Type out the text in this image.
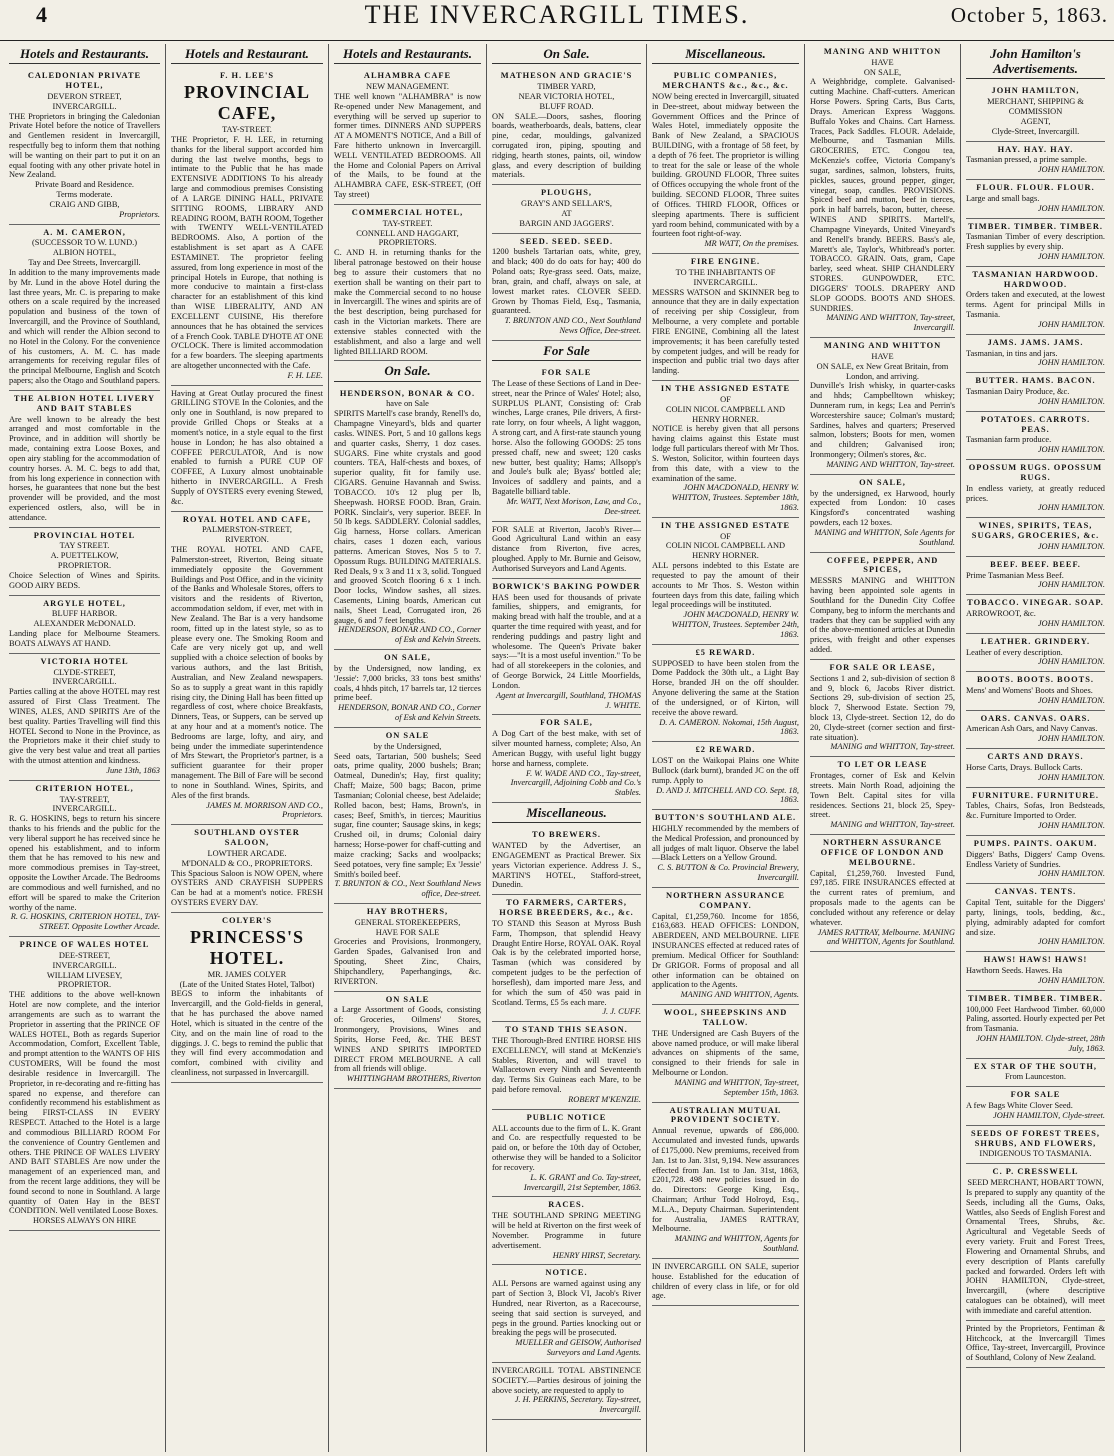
4	THE INVERCARGILL TIMES.	October 5, 1863.
Hotels and Restaurants.
CALEDONIAN PRIVATE HOTEL,
DEVERON STREET,
INVERCARGILL.
THE Proprietors in bringing the Caledonian Private Hotel before the notice of Travellers and Gentlemen resident in Invercargill, respectfully beg to inform them that nothing will be wanting on their part to put it on an equal footing with any other private hotel in New Zealand.
Private Board and Residence.
Terms moderate.
CRAIG AND GIBB,
Proprietors.
A. M. CAMERON,
(SUCCESSOR TO W. LUND.)
ALBION HOTEL,
Tay and Dee Streets, Invercargill.
In addition to the many improvements made by Mr. Lund in the above Hotel during the last three years, Mr. C. is preparing to make others on a scale required by the increased population and business of the town of Invercargill, and the Province of Southland, and which will render the Albion second to no Hotel in the Colony. For the convenience of his customers, A. M. C. has made arrangements for receiving regular files of the principal Melbourne, English and Scotch papers; also the Otago and Southland papers.
THE ALBION HOTEL LIVERY AND BAIT STABLES
Are well known to be already the best arranged and most comfortable in the Province, and in addition will shortly be made, containing extra Loose Boxes, and open airy stabling for the accommodation of country horses. A. M. C. begs to add that, from his long experience in connection with horses, he guarantees that none but the best provender will be provided, and the most experienced ostlers, also, will be in attendance.
PROVINCIAL HOTEL
TAY STREET.
A. PUETTELKOW,
PROPRIETOR.
Choice Selection of Wines and Spirits. GOOD AIRY BEDS.
ARGYLE HOTEL,
BLUFF HARBOR.
ALEXANDER McDONALD.
Landing place for Melbourne Steamers. BOATS ALWAYS AT HAND.
VICTORIA HOTEL
CLYDE-STREET,
INVERCARGILL.
Parties calling at the above HOTEL may rest assured of First Class Treatment. The WINES, ALES, AND SPIRITS Are of the best quality. Parties Travelling will find this HOTEL Second to None in the Province, as the Proprietors make it their chief study to give the very best value and treat all parties with the utmost attention and kindness.
June 13th, 1863
CRITERION HOTEL,
TAY-STREET,
INVERCARGILL.
R. G. HOSKINS, begs to return his sincere thanks to his friends and the public for the very liberal support he has received since he opened his establishment, and to inform them that he has removed to his new and more commodious premises in Tay-street, opposite the Lowther Arcade. The Bedrooms are commodious and well furnished, and no effort will be spared to make the Criterion worthy of the name.
R. G. HOSKINS, CRITERION HOTEL, TAY-STREET. Opposite Lowther Arcade.
PRINCE OF WALES HOTEL
DEE-STREET,
INVERCARGILL.
WILLIAM LIVESEY,
PROPRIETOR.
THE additions to the above well-known Hotel are now complete, and the interior arrangements are such as to warrant the Proprietor in asserting that the PRINCE OF WALES HOTEL, Both as regards Superior Accommodation, Comfort, Excellent Table, and prompt attention to the WANTS OF HIS CUSTOMERS, Will be found the most desirable residence in Invercargill. The Proprietor, in re-decorating and re-fitting has spared no expense, and therefore can confidently recommend his establishment as being FIRST-CLASS IN EVERY RESPECT. Attached to the Hotel is a large and commodious BILLIARD ROOM For the convenience of Country Gentlemen and others. THE PRINCE OF WALES LIVERY AND BAIT STABLES Are now under the management of an experienced man, and from the recent large additions, they will be found second to none in Southland. A large quantity of Oaten Hay in the BEST CONDITION. Well ventilated Loose Boxes.
HORSES ALWAYS ON HIRE
Hotels and Restaurant.
F. H. LEE'S
PROVINCIAL CAFE,
TAY-STREET.
THE Proprietor, F. H. LEE, in returning thanks for the liberal support accorded him during the last twelve months, begs to intimate to the Public that he has made EXTENSIVE ADDITIONS To his already large and commodious premises Consisting of A LARGE DINING HALL, PRIVATE SITTING ROOMS, LIBRARY AND READING ROOM, BATH ROOM, Together with TWENTY WELL-VENTILATED BEDROOMS. Also, A portion of the establishment is set apart as A CAFE ESTAMINET. The proprietor feeling assured, from long experience in most of the principal Hotels in Europe, that nothing is more conducive to maintain a first-class character for an establishment of this kind than WISE LIBERALITY, AND AN EXCELLENT CUISINE, His therefore announces that he has obtained the services of a French Cook. TABLE D'HOTE AT ONE O'CLOCK. There is limited accommodation for a few boarders. The sleeping apartments are altogether unconnected with the Cafe.
F. H. LEE.
Having at Great Outlay procured the finest GRILLING STOVE In the Colonies, and the only one in Southland, is now prepared to provide Grilled Chops or Steaks at a moment's notice, in a style equal to the first house in London; he has also obtained a COFFEE PERCULATOR, And is now enabled to furnish a PURE CUP OF COFFEE, A Luxury almost unobtainable hitherto in INVERCARGILL. A Fresh Supply of OYSTERS every evening Stewed, &c.
ROYAL HOTEL AND CAFE,
PALMERSTON-STREET,
RIVERTON.
THE ROYAL HOTEL AND CAFE, Palmerston-street, Riverton, Being situate immediately opposite the Government Buildings and Post Office, and in the vicinity of the Banks and Wholesale Stores, offers to visitors and the residents of Riverton, accommodation seldom, if ever, met with in New Zealand. The Bar is a very handsome room, fitted up in the latest style, so as to please every one. The Smoking Room and Cafe are very nicely got up, and well supplied with a choice selection of books by various authors, and the last British, Australian, and New Zealand newspapers. So as to supply a great want in this rapidly rising city, the Dining Hall has been fitted up regardless of cost, where choice Breakfasts, Dinners, Teas, or Suppers, can be served up at any hour and at a moment's notice. The Bedrooms are large, lofty, and airy, and being under the immediate superintendence of Mrs Stewart, the Proprietor's partner, is a sufficient guarantee for their proper management. The Bill of Fare will be second to none in Southland. Wines, Spirits, and Ales of the first brands.
JAMES M. MORRISON AND CO., Proprietors.
SOUTHLAND OYSTER SALOON,
LOWTHER ARCADE.
M'DONALD & CO., PROPRIETORS.
This Spacious Saloon is NOW OPEN, where OYSTERS AND CRAYFISH SUPPERS Can be had at a moment's notice. FRESH OYSTERS EVERY DAY.
COLYER'S
PRINCESS'S HOTEL.
MR. JAMES COLYER
(Late of the United States Hotel, Talbot)
BEGS to inform the inhabitants of Invercargill, and the Gold-fields in general, that he has purchased the above named Hotel, which is situated in the centre of the City, and on the main line of road to the diggings. J. C. begs to remind the public that they will find every accommodation and comfort, combined with civility and cleanliness, not surpassed in Invercargill.
Hotels and Restaurants.
ALHAMBRA CAFE
NEW MANAGEMENT.
THE well known "ALHAMBRA" is now Re-opened under New Management, and everything will be served up superior to former times. DINNERS AND SUPPERS AT A MOMENT'S NOTICE, And a Bill of Fare hitherto unknown in Invercargill. WELL VENTILATED BEDROOMS. All the Home and Colonial Papers on Arrival of the Mails, to be found at the ALHAMBRA CAFE, ESK-STREET, (Off Tay street)
COMMERCIAL HOTEL,
TAY-STREET.
CONNELL AND HAGGART,
PROPRIETORS.
C. AND H. in returning thanks for the liberal patronage bestowed on their house beg to assure their customers that no exertion shall be wanting on their part to make the Commercial second to no house in Invercargill. The wines and spirits are of the best description, being purchased for cash in the Victorian markets. There are extensive stables connected with the establishment, and also a large and well lighted BILLIARD ROOM.
On Sale.
HENDERSON, BONAR & CO.
have on Sale
SPIRITS Martell's case brandy, Renell's do, Champagne Vineyard's, blds and quarter casks. WINES. Port, 5 and 10 gallons kegs and quarter casks, Sherry, 1 doz cases. SUGARS. Fine white crystals and good counters. TEA, Half-chests and boxes, of superior quality, fit for family use. CIGARS. Genuine Havannah and Swiss. TOBACCO. 10's 12 plug per lb, Sheepwash. HORSE FOOD. Bran, Grain. PORK. Sinclair's, very superior. BEEF. In 50 lb kegs. SADDLERY. Colonial saddles, Gig harness, Horse collars. American chairs, cases 1 dozen each, various patterns. American Stoves, Nos 5 to 7. Opossum Rugs. BUILDING MATERIALS. Red Deals, 9 x 3 and 11 x 3, solid. Tongued and grooved Scotch flooring 6 x 1 inch. Door locks, Window sashes, all sizes. Casements, Lining boards, American cut nails, Sheet Lead, Corrugated iron, 26 gauge, 6 and 7 feet lengths.
HENDERSON, BONAR AND CO., Corner of Esk and Kelvin Streets.
ON SALE,
by the Undersigned, now landing, ex 'Jessie': 7,000 bricks, 33 tons best smiths' coals, 4 hhds pitch, 17 barrels tar, 12 tierces prime beef.
HENDERSON, BONAR AND CO., Corner of Esk and Kelvin Streets.
ON SALE
by the Undersigned,
Seed oats, Tartarian, 500 bushels; Seed oats, prime quality, 2000 bushels; Bran; Oatmeal, Dunedin's; Hay, first quality; Chaff; Maize, 500 bags; Bacon, prime Tasmanian; Colonial cheese, best Adelaide; Rolled bacon, best; Hams, Brown's, in cases; Beef, Smith's, in tierces; Mauritius sugar, fine counter; Sausage skins, in kegs; Crushed oil, in drums; Colonial dairy harness; Horse-power for chaff-cutting and maize cracking; Sacks and woolpacks; Seed potatoes, very fine sample; Ex 'Jessie' Smith's boiled beef.
T. BRUNTON & CO., Next Southland News office, Dee-street.
HAY BROTHERS,
GENERAL STOREKEEPERS,
HAVE FOR SALE
Groceries and Provisions, Ironmongery, Garden Spades, Galvanised Iron and Spouting, Sheet Zinc, Chairs, Shipchandlery, Paperhangings, &c. RIVERTON.
ON SALE
a Large Assortment of Goods, consisting of: Groceries, Oilmens' Stores, Ironmongery, Provisions, Wines and Spirits, Horse Feed, &c. THE BEST WINES AND SPIRITS IMPORTED DIRECT FROM MELBOURNE. A call from all friends will oblige.
WHITTINGHAM BROTHERS, Riverton
On Sale.
MATHESON AND GRACIE'S
TIMBER YARD,
NEAR VICTORIA HOTEL,
BLUFF ROAD.
ON SALE.—Doors, sashes, flooring boards, weatherboards, deals, battens, clear pine, cedar, mouldings, galvanized corrugated iron, piping, spouting and ridging, hearth stones, paints, oil, window glass, and every description of building materials.
PLOUGHS,
GRAY'S AND SELLAR'S,
AT
BARGIN AND JAGGERS'.
SEED. SEED. SEED.
1200 bushels Tartarian oats, white, grey, and black; 400 do do oats for hay; 400 do Poland oats; Rye-grass seed. Oats, maize, bran, grain, and chaff, always on sale, at lowest market rates. CLOVER SEED. Grown by Thomas Field, Esq., Tasmania, guaranteed.
T. BRUNTON AND CO., Next Southland News Office, Dee-street.
For Sale
FOR SALE
The Lease of these Sections of Land in Dee-street, near the Prince of Wales' Hotel; also, SURPLUS PLANT, Consisting of: Crab winches, Large cranes, Pile drivers, A first-rate lorry, on four wheels, A light waggon, A strong cart, and A first-rate staunch young horse. Also the following GOODS: 25 tons pressed chaff, new and sweet; 120 casks new butter, best quality; Hams; Allsopp's and Joule's bulk ale; Byass' bottled ale; Invoices of saddlery and paints, and a Bagatelle billiard table.
Mr. WATT, Next Morison, Law, and Co., Dee-street.
FOR SALE at Riverton, Jacob's River—Good Agricultural Land within an easy distance from Riverton, five acres, ploughed. Apply to Mr. Burnie and Geisow, Authorised Surveyors and Land Agents.
BORWICK'S BAKING POWDER
HAS been used for thousands of private families, shippers, and emigrants, for making bread with half the trouble, and at a quarter the time required with yeast, and for rendering puddings and pastry light and wholesome. The Queen's Private baker says:—"It is a most useful invention." To be had of all storekeepers in the colonies, and of George Borwick, 24 Little Moorfields, London.
Agent at Invercargill, Southland, THOMAS J. WHITE.
FOR SALE,
A Dog Cart of the best make, with set of silver mounted harness, complete; Also, An American Buggy, with useful light buggy horse and harness, complete.
F. W. WADE AND CO., Tay-street, Invercargill, Adjoining Cobb and Co.'s Stables.
Miscellaneous.
TO BREWERS.
WANTED by the Advertiser, an ENGAGEMENT as Practical Brewer. Six years Victorian experience. Address J. S., MARTIN'S HOTEL, Stafford-street, Dunedin.
TO FARMERS, CARTERS, HORSE BREEDERS, &c., &c.
TO STAND this Season at Myross Bush Farm, Thompson, that splendid Heavy Draught Entire Horse, ROYAL OAK. Royal Oak is by the celebrated imported horse, Tasman (which was considered by competent judges to be the perfection of horseflesh), dam imported mare Jess, and for which the sum of 450 was paid in Scotland. Terms, £5 5s each mare.
J. J. CUFF.
TO STAND THIS SEASON.
THE Thorough-Bred ENTIRE HORSE HIS EXCELLENCY, will stand at McKenzie's Stables, Riverton, and will travel to Wallacetown every Ninth and Seventeenth day. Terms Six Guineas each Mare, to be paid before removal.
ROBERT M'KENZIE.
PUBLIC NOTICE
ALL accounts due to the firm of L. K. Grant and Co. are respectfully requested to be paid on, or before the 10th day of October, otherwise they will be handed to a Solicitor for recovery.
L. K. GRANT and Co. Tay-street, Invercargill, 21st September, 1863.
RACES.
THE SOUTHLAND SPRING MEETING will be held at Riverton on the first week of November. Programme in future advertisement.
HENRY HIRST, Secretary.
NOTICE.
ALL Persons are warned against using any part of Section 3, Block VI, Jacob's River Hundred, near Riverton, as a Racecourse, seeing that said section is surveyed, and pegs in the ground. Parties knocking out or breaking the pegs will be prosecuted.
MUELLER and GEISOW, Authorised Surveyors and Land Agents.
INVERCARGILL TOTAL ABSTINENCE SOCIETY.—Parties desirous of joining the above society, are requested to apply to
J. H. PERKINS, Secretary. Tay-street, Invercargill.
Miscellaneous.
PUBLIC COMPANIES, MERCHANTS &c., &c., &c.
NOW being erected in Invercargill, situated in Dee-street, about midway between the Government Offices and the Prince of Wales Hotel, immediately opposite the Bank of New Zealand, a SPACIOUS BUILDING, with a frontage of 58 feet, by a depth of 76 feet. The proprietor is willing to treat for the sale or lease of the whole building. GROUND FLOOR, Three suites of Offices occupying the whole front of the building. SECOND FLOOR, Three suites of Offices. THIRD FLOOR, Offices or sleeping apartments. There is sufficient yard room behind, communicated with by a fourteen foot right-of-way.
MR WATT, On the premises.
FIRE ENGINE.
TO THE INHABITANTS OF INVERCARGILL.
MESSRS WATSON and SKINNER beg to announce that they are in daily expectation of receiving per ship Cossigleur, from Melbourne, a very complete and portable FIRE ENGINE, Combining all the latest improvements; it has been carefully tested by competent judges, and will be ready for inspection and public trial two days after landing.
IN THE ASSIGNED ESTATE
OF
COLIN NICOL CAMPBELL AND
HENRY HORNER.
NOTICE is hereby given that all persons having claims against this Estate must lodge full particulars thereof with Mr Thos. S. Weston, Solicitor, within fourteen days from this date, with a view to the examination of the same.
JOHN MACDONALD, HENRY W. WHITTON, Trustees. September 18th, 1863.
IN THE ASSIGNED ESTATE
OF
COLIN NICOL CAMPBELL AND
HENRY HORNER.
ALL persons indebted to this Estate are requested to pay the amount of their accounts to Mr Thos. S. Weston within fourteen days from this date, failing which legal proceedings will be instituted.
JOHN MACDONALD, HENRY W. WHITTON, Trustees. September 24th, 1863.
£5 REWARD.
SUPPOSED to have been stolen from the Dome Paddock the 30th ult., a Light Bay Horse, branded JH on the off shoulder. Anyone delivering the same at the Station of the undersigned, or of Kirton, will receive the above reward.
D. A. CAMERON. Nokomai, 15th August, 1863.
£2 REWARD.
LOST on the Waikopai Plains one White Bullock (dark burnt), branded JC on the off rump. Apply to
D. AND J. MITCHELL AND CO. Sept. 18, 1863.
BUTTON'S SOUTHLAND ALE.
HIGHLY recommended by the members of the Medical Profession, and pronounced by all judges of malt liquor. Observe the label—Black Letters on a Yellow Ground.
C. S. BUTTON & Co. Provincial Brewery, Invercargill.
NORTHERN ASSURANCE COMPANY.
Capital, £1,259,760. Income for 1856, £163,683. HEAD OFFICES: LONDON, ABERDEEN, AND MELBOURNE. LIFE INSURANCES effected at reduced rates of premium. Medical Officer for Southland: Dr GRIGOR. Forms of proposal and all other information can be obtained on application to the Agents.
MANING AND WHITTON, Agents.
WOOL, SHEEPSKINS AND TALLOW.
THE Undersigned are Cash Buyers of the above named produce, or will make liberal advances on shipments of the same, consigned to their friends for sale in Melbourne or London.
MANING and WHITTON, Tay-street, September 15th, 1863.
AUSTRALIAN MUTUAL PROVIDENT SOCIETY.
Annual revenue, upwards of £86,000. Accumulated and invested funds, upwards of £175,000. New premiums, received from Jan. 1st to Jan. 31st, 9,194. New assurances effected from Jan. 1st to Jan. 31st, 1863, £201,728. 498 new policies issued in do do. Directors: George King, Esq., Chairman; Arthur Todd Holroyd, Esq., M.L.A., Deputy Chairman. Superintendent for Australia, JAMES RATTRAY, Melbourne.
MANING and WHITTON, Agents for Southland.
IN INVERCARGILL ON SALE, superior house. Established for the education of children of every class in life, or for old age.
MANING AND WHITTON
HAVE
ON SALE,
A Weighbridge, complete. Galvanised-cutting Machine. Chaff-cutters. American Horse Powers. Spring Carts, Bus Carts, Drays. American Express Waggons. Buffalo Yokes and Chains. Cart Harness. Traces, Pack Saddles. FLOUR. Adelaide, Melbourne, and Tasmanian Mills. GROCERIES, ETC. Congou tea, McKenzie's coffee, Victoria Company's sugar, sardines, salmon, lobsters, fruits, pickles, sauces, ground pepper, ginger, vinegar, soap, candles. PROVISIONS. Spiced beef and mutton, beef in tierces, pork in half barrels, bacon, butter, cheese. WINES AND SPIRITS. Martell's, Champagne Vineyards, United Vineyard's and Renell's brandy. BEERS. Bass's ale, Marett's ale, Taylor's, Whitbread's porter. TOBACCO. GRAIN. Oats, gram, Cape barley, seed wheat. SHIP CHANDLERY STORES. GUNPOWDER, ETC. DIGGERS' TOOLS. DRAPERY AND SLOP GOODS. BOOTS AND SHOES. SUNDRIES.
MANING AND WHITTON, Tay-street, Invercargill.
MANING AND WHITTON
HAVE
ON SALE, ex New Great Britain, from London, and arriving.
Dunville's Irish whisky, in quarter-casks and hhds; Campbelltown whiskey; Dunneram rum, in kegs; Lea and Perrin's Worcestershire sauce; Colman's mustard; Sardines, halves and quarters; Preserved salmon, lobsters; Boots for men, women and children; Galvanised iron; Ironmongery; Oilmen's stores, &c.
MANING AND WHITTON, Tay-street.
ON SALE,
by the undersigned, ex Harwood, hourly expected from London: 10 cases Kingsford's concentrated washing powders, each 12 boxes.
MANING and WHITTON, Sole Agents for Southland.
COFFEE, PEPPER, AND SPICES,
MESSRS MANING and WHITTON having been appointed sole agents in Southland for the Dunedin City Coffee Company, beg to inform the merchants and traders that they can be supplied with any of the above-mentioned articles at Dunedin prices, with freight and other expenses added.
FOR SALE OR LEASE,
Sections 1 and 2, sub-division of section 8 and 9, block 6, Jacobs River district. Sections 29, sub-division of section 25, block 7, Sherwood Estate. Section 79, block 13, Clyde-street. Section 12, do do 20, Clyde-street (corner section and first-rate situation).
MANING and WHITTON, Tay-street.
TO LET OR LEASE
Frontages, corner of Esk and Kelvin streets. Main North Road, adjoining the Town Belt. Capital sites for villa residences. Sections 21, block 25, Spey-street.
MANING and WHITTON, Tay-street.
NORTHERN ASSURANCE OFFICE OF LONDON AND MELBOURNE.
Capital, £1,259,760. Invested Fund, £97,185. FIRE INSURANCES effected at the current rates of premium, and proposals made to the agents can be concluded without any reference or delay whatever.
JAMES RATTRAY, Melbourne. MANING and WHITTON, Agents for Southland.
John Hamilton's Advertisements.
JOHN HAMILTON,
MERCHANT, SHIPPING & COMMISSION
AGENT,
Clyde-Street, Invercargill.
HAY. HAY. HAY.
Tasmanian pressed, a prime sample.
JOHN HAMILTON.
FLOUR. FLOUR. FLOUR.
Large and small bags.
JOHN HAMILTON.
TIMBER. TIMBER. TIMBER.
Tasmanian Timber of every description. Fresh supplies by every ship.
JOHN HAMILTON.
TASMANIAN HARDWOOD. HARDWOOD.
Orders taken and executed, at the lowest terms. Agent for principal Mills in Tasmania.
JOHN HAMILTON.
JAMS. JAMS. JAMS.
Tasmanian, in tins and jars.
JOHN HAMILTON.
BUTTER. HAMS. BACON.
Tasmanian Dairy Produce, &c.
JOHN HAMILTON.
POTATOES. CARROTS. PEAS.
Tasmanian farm produce.
JOHN HAMILTON.
OPOSSUM RUGS. OPOSSUM RUGS.
In endless variety, at greatly reduced prices.
JOHN HAMILTON.
WINES, SPIRITS, TEAS, SUGARS, GROCERIES, &c.
JOHN HAMILTON.
BEEF. BEEF. BEEF.
Prime Tasmanian Mess Beef.
JOHN HAMILTON.
TOBACCO. VINEGAR. SOAP.
ARROWROOT, &c.
JOHN HAMILTON.
LEATHER. GRINDERY.
Leather of every description.
JOHN HAMILTON.
BOOTS. BOOTS. BOOTS.
Mens' and Womens' Boots and Shoes.
JOHN HAMILTON.
OARS. CANVAS. OARS.
American Ash Oars, and Navy Canvas.
JOHN HAMILTON.
CARTS AND DRAYS.
Horse Carts, Drays. Bullock Carts.
JOHN HAMILTON.
FURNITURE. FURNITURE.
Tables, Chairs, Sofas, Iron Bedsteads, &c. Furniture Imported to Order.
JOHN HAMILTON.
PUMPS. PAINTS. OAKUM.
Diggers' Baths, Diggers' Camp Ovens. Endless Variety of Sundries.
JOHN HAMILTON.
CANVAS. TENTS.
Capital Tent, suitable for the Diggers' party, linings, tools, bedding, &c., plying, admirably adapted for comfort and size.
JOHN HAMILTON.
HAWS! HAWS! HAWS!
Hawthorn Seeds. Hawes. Ha
JOHN HAMILTON.
TIMBER. TIMBER. TIMBER.
100,000 Feet Hardwood Timber. 60,000 Paling, assorted. Hourly expected per Pet from Tasmania.
JOHN HAMILTON. Clyde-street, 28th July, 1863.
EX STAR OF THE SOUTH,
From Launceston.
FOR SALE
A few Bags White Clover Seed.
JOHN HAMILTON, Clyde-street.
SEEDS OF FOREST TREES, SHRUBS, AND FLOWERS,
INDIGENOUS TO TASMANIA.
C. P. CRESSWELL
SEED MERCHANT, HOBART TOWN,
Is prepared to supply any quantity of the Seeds, including all the Gums, Oaks, Wattles, also Seeds of English Forest and Ornamental Trees, Shrubs, &c. Agricultural and Vegetable Seeds of every variety. Fruit and Forest Trees, Flowering and Ornamental Shrubs, and every description of Plants carefully packed and forwarded. Orders left with JOHN HAMILTON, Clyde-street, Invercargill, (where descriptive catalogues can be obtained), will meet with immediate and careful attention.
Printed by the Proprietors, Fentiman & Hitchcock, at the Invercargill Times Office, Tay-street, Invercargill, Province of Southland, Colony of New Zealand.
